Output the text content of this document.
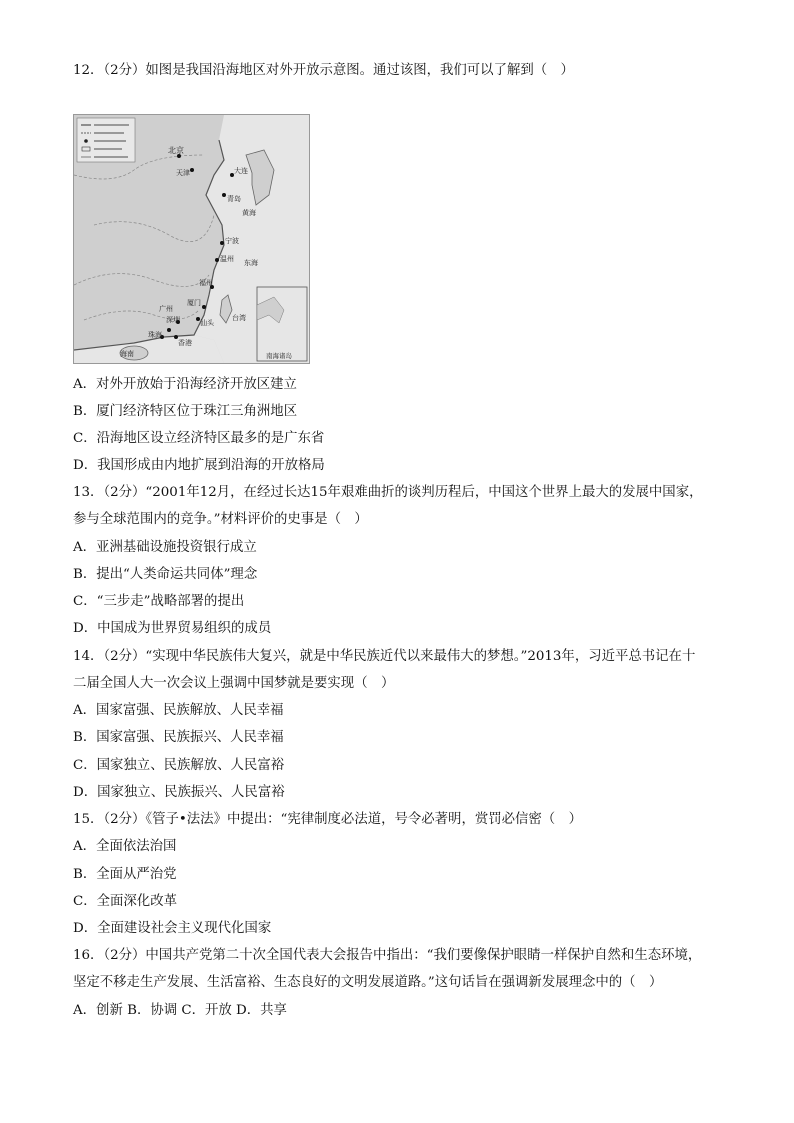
12．（2分）如图是我国沿海地区对外开放示意图。通过该图，我们可以了解到（　）
北京
天津	大连
青岛
宁波
温州
福州
厦门
汕头
深圳
珠海
香港
海南
黄海
东海
台湾
广州
南海诸岛
A．对外开放始于沿海经济开放区建立
B．厦门经济特区位于珠江三角洲地区
C．沿海地区设立经济特区最多的是广东省
D．我国形成由内地扩展到沿海的开放格局
13．（2分）“2001年12月，在经过长达15年艰难曲折的谈判历程后，中国这个世界上最大的发展中国家，
参与全球范围内的竞争。”材料评价的史事是（　）
A．亚洲基础设施投资银行成立
B．提出“人类命运共同体”理念
C．“三步走”战略部署的提出
D．中国成为世界贸易组织的成员
14．（2分）“实现中华民族伟大复兴，就是中华民族近代以来最伟大的梦想。”2013年，习近平总书记在十
二届全国人大一次会议上强调中国梦就是要实现（　）
A．国家富强、民族解放、人民幸福
B．国家富强、民族振兴、人民幸福
C．国家独立、民族解放、人民富裕
D．国家独立、民族振兴、人民富裕
15．（2分）《管子•法法》中提出：“宪律制度必法道，号令必著明，赏罚必信密（　）
A．全面依法治国
B．全面从严治党
C．全面深化改革
D．全面建设社会主义现代化国家
16．（2分）中国共产党第二十次全国代表大会报告中指出：“我们要像保护眼睛一样保护自然和生态环境，
坚定不移走生产发展、生活富裕、生态良好的文明发展道路。”这句话旨在强调新发展理念中的（　）
A．创新 B．协调 C．开放 D．共享
